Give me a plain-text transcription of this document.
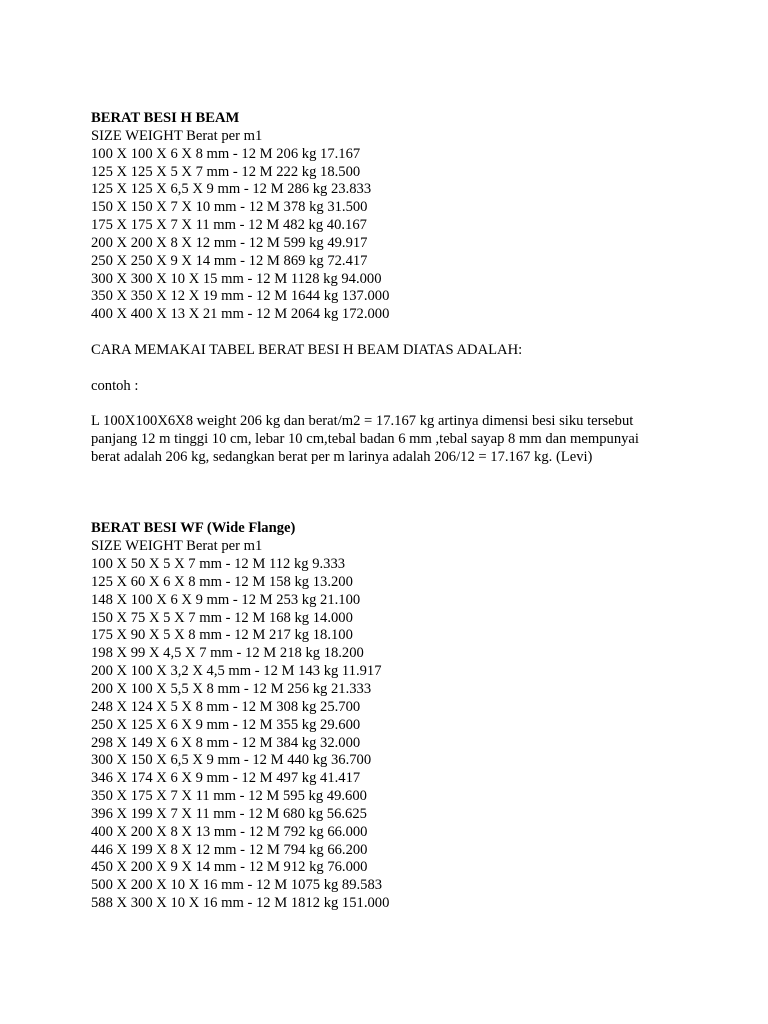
BERAT BESI H BEAM
SIZE WEIGHT Berat per m1
100 X 100 X 6 X 8 mm - 12 M 206 kg 17.167
125 X 125 X 5 X 7 mm - 12 M 222 kg 18.500
125 X 125 X 6,5 X 9 mm - 12 M 286 kg 23.833
150 X 150 X 7 X 10 mm - 12 M 378 kg 31.500
175 X 175 X 7 X 11 mm - 12 M 482 kg 40.167
200 X 200 X 8 X 12 mm - 12 M 599 kg 49.917
250 X 250 X 9 X 14 mm - 12 M 869 kg 72.417
300 X 300 X 10 X 15 mm - 12 M 1128 kg 94.000
350 X 350 X 12 X 19 mm - 12 M 1644 kg 137.000
400 X 400 X 13 X 21 mm - 12 M 2064 kg 172.000
CARA MEMAKAI TABEL BERAT BESI H BEAM DIATAS ADALAH:
contoh :
L 100X100X6X8 weight 206 kg dan berat/m2 = 17.167 kg artinya dimensi besi siku tersebut
panjang 12 m tinggi 10 cm, lebar 10 cm,tebal badan 6 mm ,tebal sayap 8 mm dan mempunyai
berat adalah 206 kg, sedangkan berat per m larinya adalah 206/12 = 17.167 kg. (Levi)
BERAT BESI WF (Wide Flange)
SIZE WEIGHT Berat per m1
100 X 50 X 5 X 7 mm - 12 M 112 kg 9.333
125 X 60 X 6 X 8 mm - 12 M 158 kg 13.200
148 X 100 X 6 X 9 mm - 12 M 253 kg 21.100
150 X 75 X 5 X 7 mm - 12 M 168 kg 14.000
175 X 90 X 5 X 8 mm - 12 M 217 kg 18.100
198 X 99 X 4,5 X 7 mm - 12 M 218 kg 18.200
200 X 100 X 3,2 X 4,5 mm - 12 M 143 kg 11.917
200 X 100 X 5,5 X 8 mm - 12 M 256 kg 21.333
248 X 124 X 5 X 8 mm - 12 M 308 kg 25.700
250 X 125 X 6 X 9 mm - 12 M 355 kg 29.600
298 X 149 X 6 X 8 mm - 12 M 384 kg 32.000
300 X 150 X 6,5 X 9 mm - 12 M 440 kg 36.700
346 X 174 X 6 X 9 mm - 12 M 497 kg 41.417
350 X 175 X 7 X 11 mm - 12 M 595 kg 49.600
396 X 199 X 7 X 11 mm - 12 M 680 kg 56.625
400 X 200 X 8 X 13 mm - 12 M 792 kg 66.000
446 X 199 X 8 X 12 mm - 12 M 794 kg 66.200
450 X 200 X 9 X 14 mm - 12 M 912 kg 76.000
500 X 200 X 10 X 16 mm - 12 M 1075 kg 89.583
588 X 300 X 10 X 16 mm - 12 M 1812 kg 151.000
